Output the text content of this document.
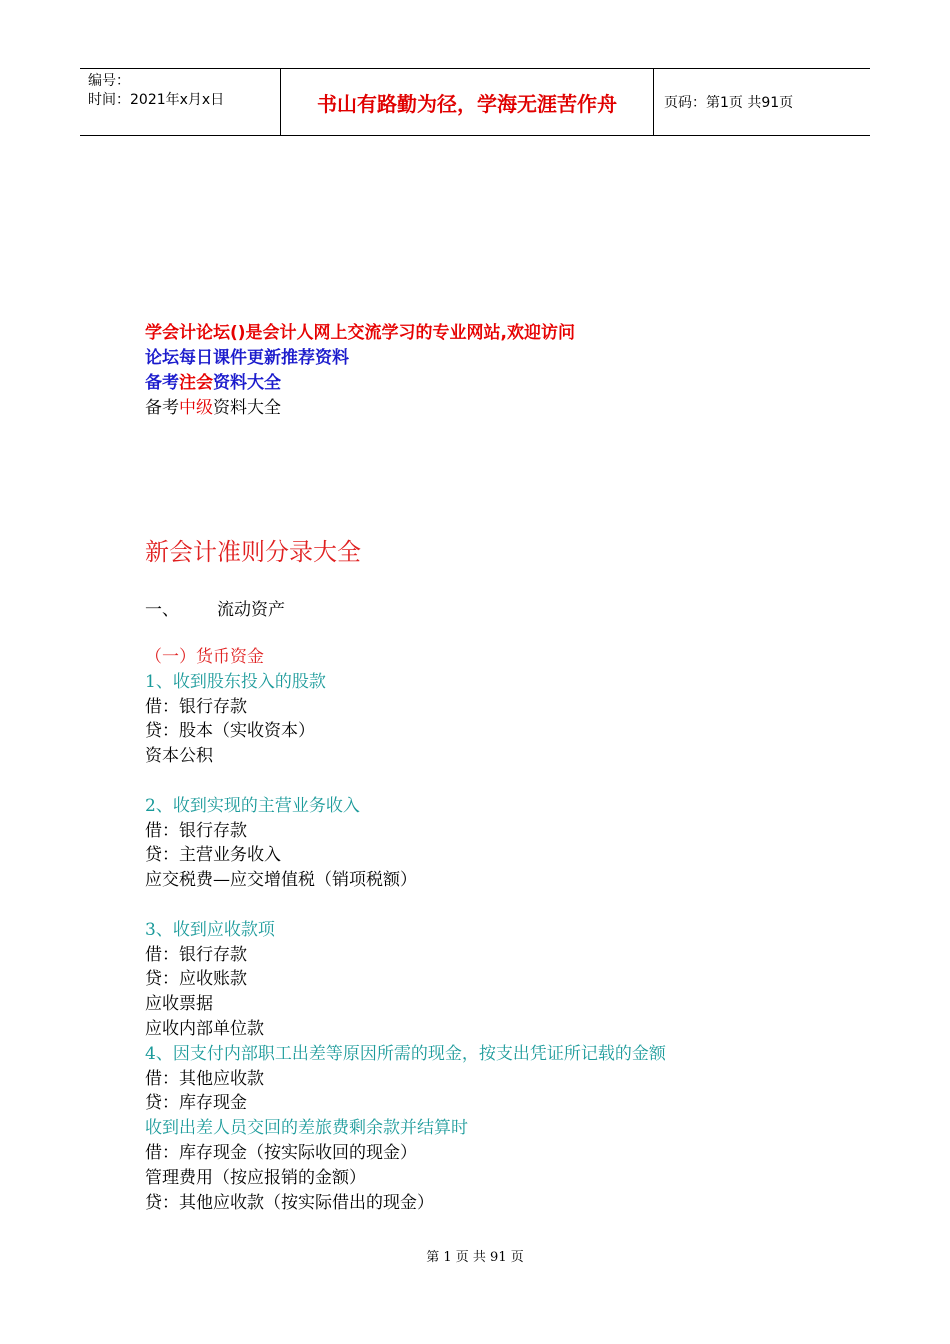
编号：
时间：2021年x月x日	书山有路勤为径，学海无涯苦作舟	页码：第1页 共91页
学会计论坛()是会计人网上交流学习的专业网站,欢迎访问
论坛每日课件更新推荐资料
备考注会资料大全
备考中级资料大全
新会计准则分录大全
一、 流动资产
（一）货币资金
1、收到股东投入的股款
借：银行存款
贷：股本（实收资本）
资本公积
2、收到实现的主营业务收入
借：银行存款
贷：主营业务收入
应交税费—应交增值税（销项税额）
3、收到应收款项
借：银行存款
贷：应收账款
应收票据
应收内部单位款
4、因支付内部职工出差等原因所需的现金，按支出凭证所记载的金额
借：其他应收款
贷：库存现金
收到出差人员交回的差旅费剩余款并结算时
借：库存现金（按实际收回的现金）
管理费用（按应报销的金额）
贷：其他应收款（按实际借出的现金）
第 1 页 共 91 页
